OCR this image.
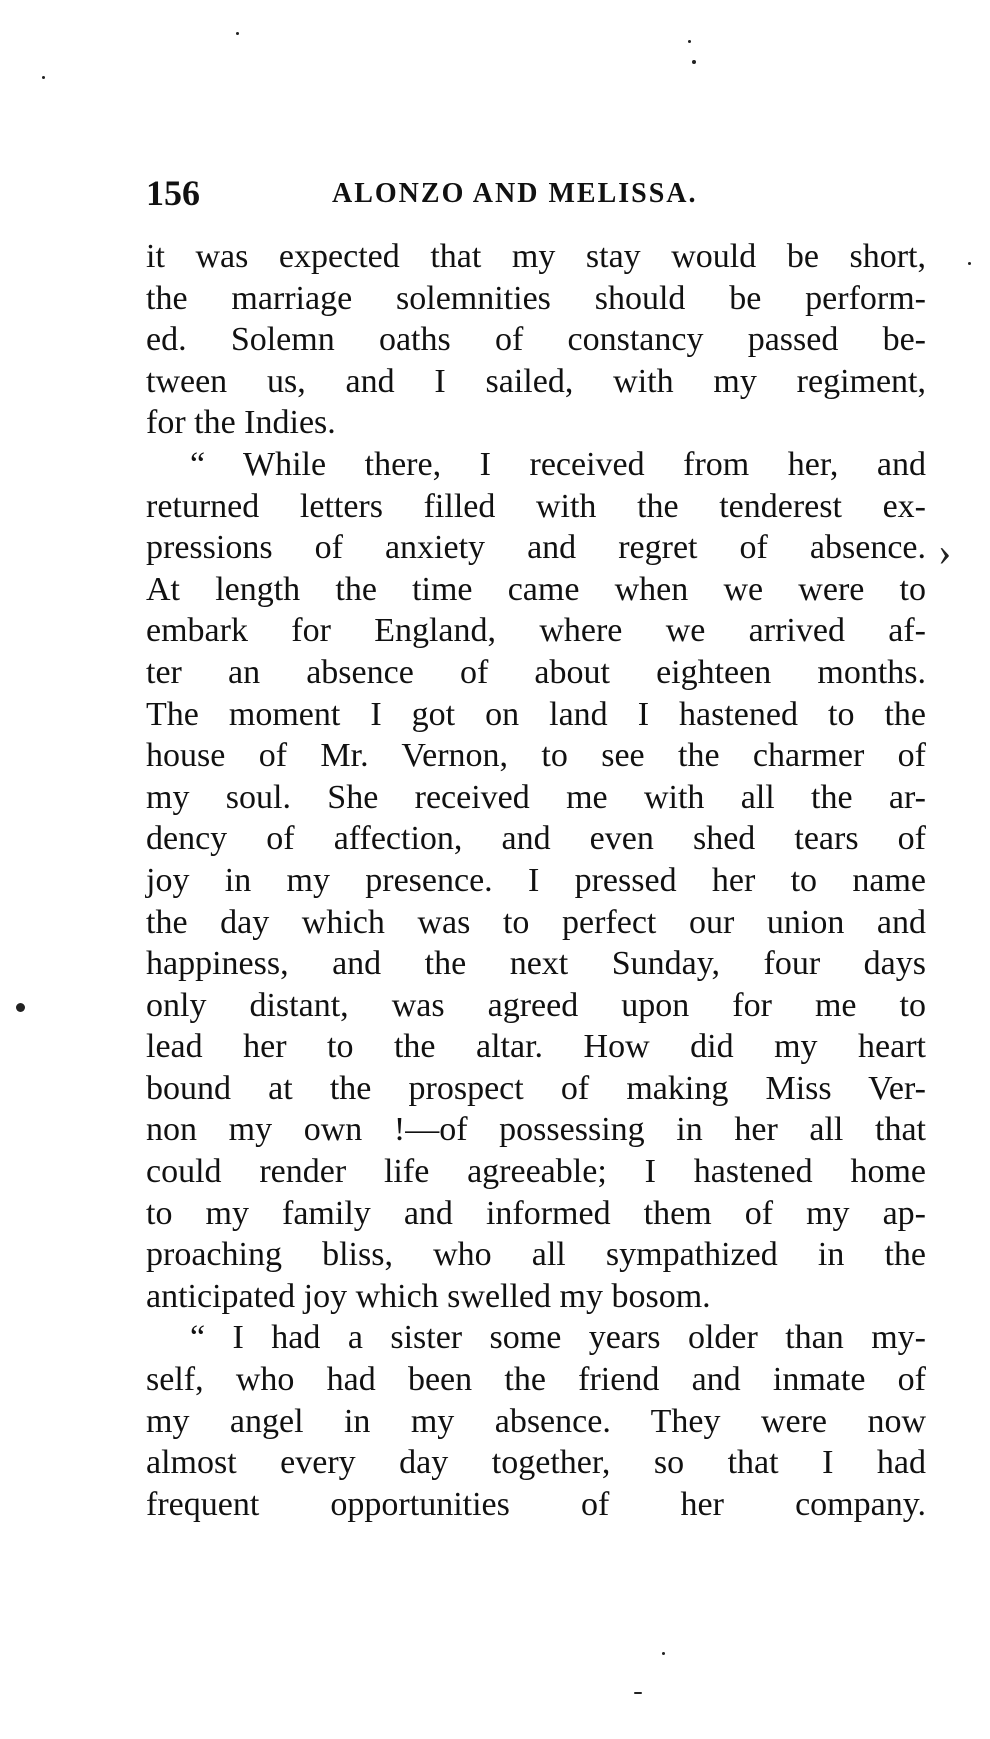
›
156	ALONZO AND MELISSA.
it was expected that my stay would be short,
the marriage solemnities should be perform-
ed. Solemn oaths of constancy passed be-
tween us, and I sailed, with my regiment,
for the Indies.
“ While there, I received from her, and
returned letters filled with the tenderest ex-
pressions of anxiety and regret of absence.
At length the time came when we were to
embark for England, where we arrived af-
ter an absence of about eighteen months.
The moment I got on land I hastened to the
house of Mr. Vernon, to see the charmer of
my soul. She received me with all the ar-
dency of affection, and even shed tears of
joy in my presence. I pressed her to name
the day which was to perfect our union and
happiness, and the next Sunday, four days
only distant, was agreed upon for me to
lead her to the altar. How did my heart
bound at the prospect of making Miss Ver-
non my own !—of possessing in her all that
could render life agreeable; I hastened home
to my family and informed them of my ap-
proaching bliss, who all sympathized in the
anticipated joy which swelled my bosom.
“ I had a sister some years older than my-
self, who had been the friend and inmate of
my angel in my absence. They were now
almost every day together, so that I had
frequent opportunities of her company.
